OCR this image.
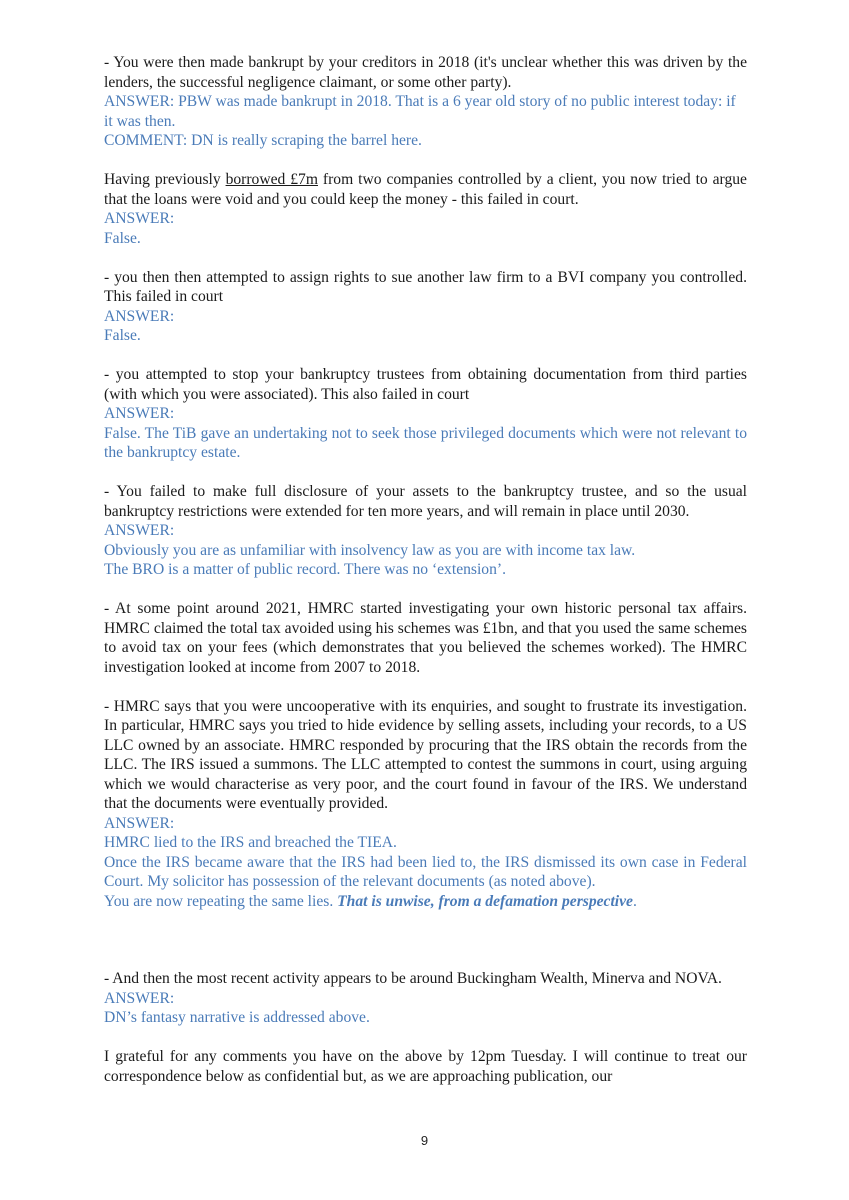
- You were then made bankrupt by your creditors in 2018 (it's unclear whether this was driven by the lenders, the successful negligence claimant, or some other party).

ANSWER: PBW was made bankrupt in 2018. That is a 6 year old story of no public interest today: if it was then.

COMMENT: DN is really scraping the barrel here.

Having previously borrowed £7m from two companies controlled by a client, you now tried to argue that the loans were void and you could keep the money - this failed in court.

ANSWER:

False.

- you then then attempted to assign rights to sue another law firm to a BVI company you controlled. This failed in court

ANSWER:

False.

- you attempted to stop your bankruptcy trustees from obtaining documentation from third parties (with which you were associated). This also failed in court

ANSWER:

False. The TiB gave an undertaking not to seek those privileged documents which were not relevant to the bankruptcy estate.

- You failed to make full disclosure of your assets to the bankruptcy trustee, and so the usual bankruptcy restrictions were extended for ten more years, and will remain in place until 2030.

ANSWER:

Obviously you are as unfamiliar with insolvency law as you are with income tax law.

The BRO is a matter of public record. There was no ‘extension’.

- At some point around 2021, HMRC started investigating your own historic personal tax affairs. HMRC claimed the total tax avoided using his schemes was £1bn, and that you used the same schemes to avoid tax on your fees (which demonstrates that you believed the schemes worked). The HMRC investigation looked at income from 2007 to 2018.

- HMRC says that you were uncooperative with its enquiries, and sought to frustrate its investigation. In particular, HMRC says you tried to hide evidence by selling assets, including your records, to a US LLC owned by an associate. HMRC responded by procuring that the IRS obtain the records from the LLC. The IRS issued a summons. The LLC attempted to contest the summons in court, using arguing which we would characterise as very poor, and the court found in favour of the IRS. We understand that the documents were eventually provided.

ANSWER:

HMRC lied to the IRS and breached the TIEA.

Once the IRS became aware that the IRS had been lied to, the IRS dismissed its own case in Federal Court. My solicitor has possession of the relevant documents (as noted above).

You are now repeating the same lies. That is unwise, from a defamation perspective.

- And then the most recent activity appears to be around Buckingham Wealth, Minerva and NOVA.

ANSWER:

DN’s fantasy narrative is addressed above.

I grateful for any comments you have on the above by 12pm Tuesday. I will continue to treat our correspondence below as confidential but, as we are approaching publication, our

9
